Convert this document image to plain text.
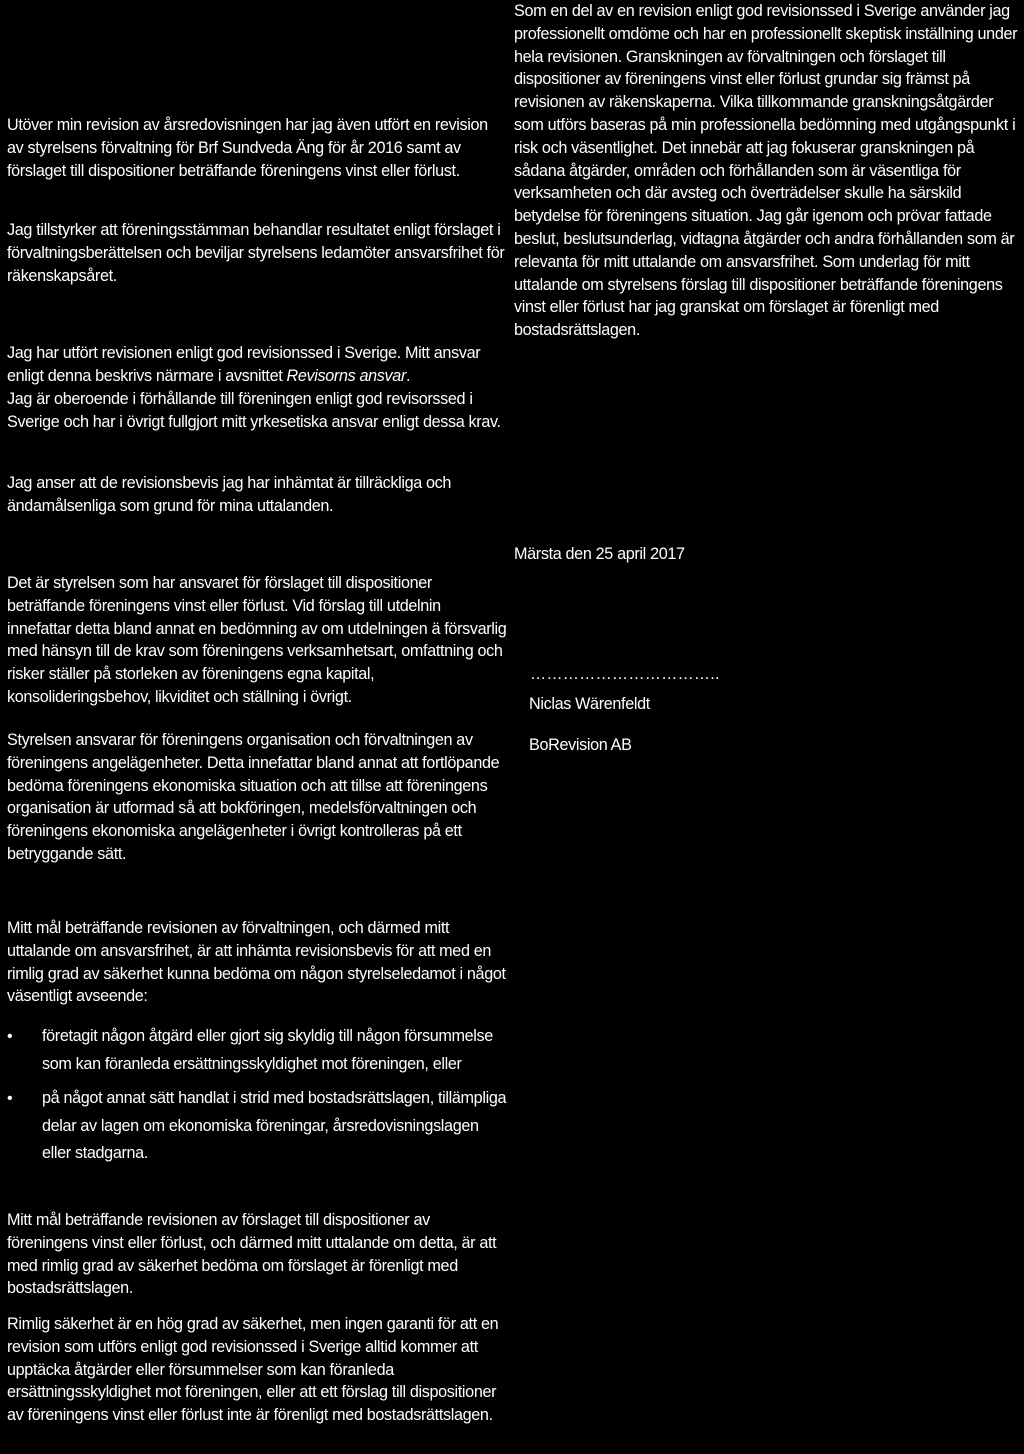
Utöver min revision av årsredovisningen har jag även utfört en revision av styrelsens förvaltning för Brf Sundveda Äng för år 2016 samt av förslaget till dispositioner beträffande föreningens vinst eller förlust.

Jag tillstyrker att föreningsstämman behandlar resultatet enligt förslaget i förvaltningsberättelsen och beviljar styrelsens ledamöter ansvarsfrihet för räkenskapsåret.

Jag har utfört revisionen enligt god revisionssed i Sverige. Mitt ansvar enligt denna beskrivs närmare i avsnittet Revisorns ansvar.

Jag är oberoende i förhållande till föreningen enligt god revisorssed i Sverige och har i övrigt fullgjort mitt yrkesetiska ansvar enligt dessa krav.

Jag anser att de revisionsbevis jag har inhämtat är tillräckliga och ändamålsenliga som grund för mina uttalanden.

Det är styrelsen som har ansvaret för förslaget till dispositioner beträffande föreningens vinst eller förlust. Vid förslag till utdelnin innefattar detta bland annat en bedömning av om utdelningen ä försvarlig med hänsyn till de krav som föreningens verksamhetsart, omfattning och risker ställer på storleken av föreningens egna kapital, konsolideringsbehov, likviditet och ställning i övrigt.

Styrelsen ansvarar för föreningens organisation och förvaltningen av föreningens angelägenheter. Detta innefattar bland annat att fortlöpande bedöma föreningens ekonomiska situation och att tillse att föreningens organisation är utformad så att bokföringen, medelsförvaltningen och föreningens ekonomiska angelägenheter i övrigt kontrolleras på ett betryggande sätt.

Mitt mål beträffande revisionen av förvaltningen, och därmed mitt uttalande om ansvarsfrihet, är att inhämta revisionsbevis för att med en rimlig grad av säkerhet kunna bedöma om någon styrelseledamot i något väsentligt avseende:

• företagit någon åtgärd eller gjort sig skyldig till någon försummelse som kan föranleda ersättningsskyldighet mot föreningen, eller
• på något annat sätt handlat i strid med bostadsrättslagen, tillämpliga delar av lagen om ekonomiska föreningar, årsredovisningslagen eller stadgarna.

Mitt mål beträffande revisionen av förslaget till dispositioner av föreningens vinst eller förlust, och därmed mitt uttalande om detta, är att med rimlig grad av säkerhet bedöma om förslaget är förenligt med bostadsrättslagen.

Rimlig säkerhet är en hög grad av säkerhet, men ingen garanti för att en revision som utförs enligt god revisionssed i Sverige alltid kommer att upptäcka åtgärder eller försummelser som kan föranleda ersättningsskyldighet mot föreningen, eller att ett förslag till dispositioner av föreningens vinst eller förlust inte är förenligt med bostadsrättslagen.

Som en del av en revision enligt god revisionssed i Sverige använder jag professionellt omdöme och har en professionellt skeptisk inställning under hela revisionen. Granskningen av förvaltningen och förslaget till dispositioner av föreningens vinst eller förlust grundar sig främst på revisionen av räkenskaperna. Vilka tillkommande granskningsåtgärder som utförs baseras på min professionella bedömning med utgångspunkt i risk och väsentlighet. Det innebär att jag fokuserar granskningen på sådana åtgärder, områden och förhållanden som är väsentliga för verksamheten och där avsteg och överträdelser skulle ha särskild betydelse för föreningens situation. Jag går igenom och prövar fattade beslut, beslutsunderlag, vidtagna åtgärder och andra förhållanden som är relevanta för mitt uttalande om ansvarsfrihet. Som underlag för mitt uttalande om styrelsens förslag till dispositioner beträffande föreningens vinst eller förlust har jag granskat om förslaget är förenligt med bostadsrättslagen.

Märsta den 25 april 2017

……………………………..

Niclas Wärenfeldt

BoRevision AB
